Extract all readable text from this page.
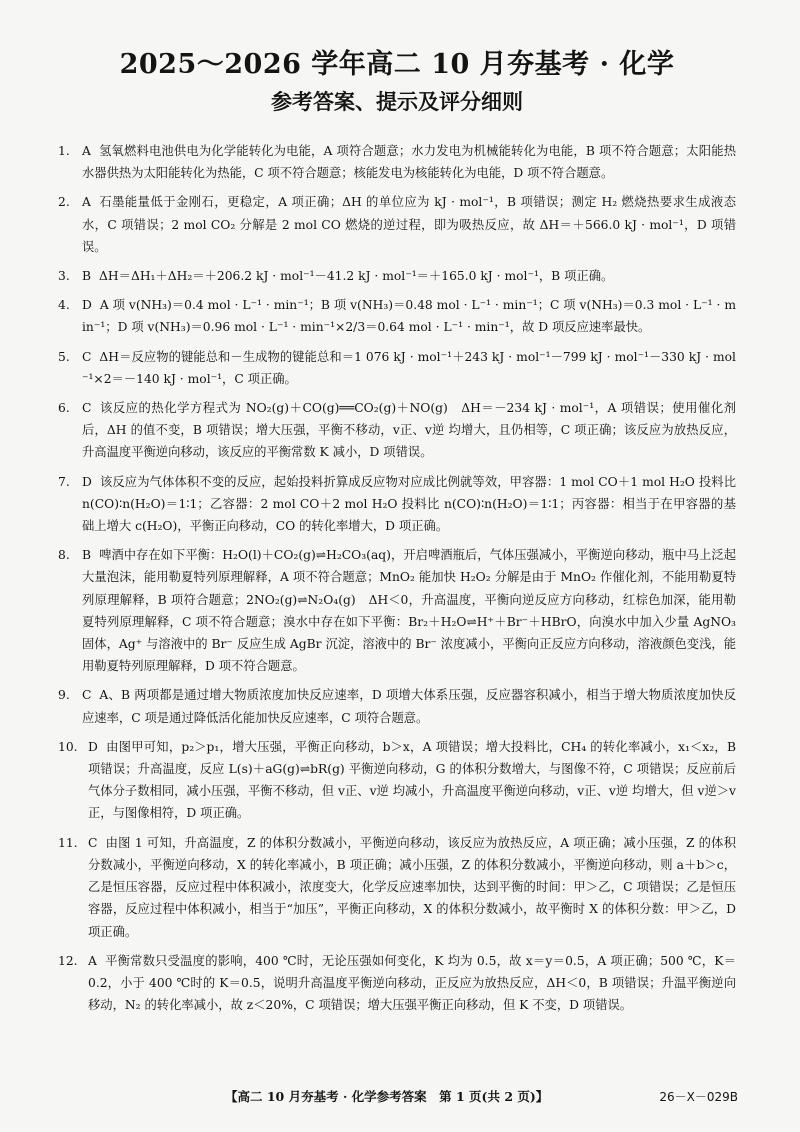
2025～2026 学年高二 10 月夯基考 · 化学
参考答案、提示及评分细则

1. A 氢氧燃料电池供电为化学能转化为电能，A 项符合题意；水力发电为机械能转化为电能，B 项不符合题意；太阳能热水器供热为太阳能转化为热能，C 项不符合题意；核能发电为核能转化为电能，D 项不符合题意。

2. A 石墨能量低于金刚石，更稳定，A 项正确；ΔH 的单位应为 kJ · mol⁻¹，B 项错误；测定 H₂ 燃烧热要求生成液态水，C 项错误；2 mol CO₂ 分解是 2 mol CO 燃烧的逆过程，即为吸热反应，故 ΔH＝＋566.0 kJ · mol⁻¹，D 项错误。

3. B ΔH＝ΔH₁＋ΔH₂＝＋206.2 kJ · mol⁻¹－41.2 kJ · mol⁻¹＝＋165.0 kJ · mol⁻¹，B 项正确。

4. D A 项 v(NH₃)＝0.4 mol · L⁻¹ · min⁻¹；B 项 v(NH₃)＝0.48 mol · L⁻¹ · min⁻¹；C 项 v(NH₃)＝0.3 mol · L⁻¹ · min⁻¹；D 项 v(NH₃)＝0.96 mol · L⁻¹ · min⁻¹×2/3＝0.64 mol · L⁻¹ · min⁻¹，故 D 项反应速率最快。

5. C ΔH＝反应物的键能总和－生成物的键能总和＝1 076 kJ · mol⁻¹＋243 kJ · mol⁻¹－799 kJ · mol⁻¹－330 kJ · mol⁻¹×2＝－140 kJ · mol⁻¹，C 项正确。

6. C 该反应的热化学方程式为 NO₂(g)＋CO(g)══CO₂(g)＋NO(g)　ΔH＝－234 kJ · mol⁻¹，A 项错误；使用催化剂后，ΔH 的值不变，B 项错误；增大压强，平衡不移动，v正、v逆 均增大，且仍相等，C 项正确；该反应为放热反应，升高温度平衡逆向移动，该反应的平衡常数 K 减小，D 项错误。

7. D 该反应为气体体积不变的反应，起始投料折算成反应物对应成比例就等效，甲容器：1 mol CO＋1 mol H₂O 投料比 n(CO)∶n(H₂O)＝1∶1；乙容器：2 mol CO＋2 mol H₂O 投料比 n(CO)∶n(H₂O)＝1∶1；丙容器：相当于在甲容器的基础上增大 c(H₂O)，平衡正向移动，CO 的转化率增大，D 项正确。

8. B 啤酒中存在如下平衡：H₂O(l)＋CO₂(g)⇌H₂CO₃(aq)，开启啤酒瓶后，气体压强减小，平衡逆向移动，瓶中马上泛起大量泡沫，能用勒夏特列原理解释，A 项不符合题意；MnO₂ 能加快 H₂O₂ 分解是由于 MnO₂ 作催化剂，不能用勒夏特列原理解释，B 项符合题意；2NO₂(g)⇌N₂O₄(g)　ΔH＜0，升高温度，平衡向逆反应方向移动，红棕色加深，能用勒夏特列原理解释，C 项不符合题意；溴水中存在如下平衡：Br₂＋H₂O⇌H⁺＋Br⁻＋HBrO，向溴水中加入少量 AgNO₃ 固体，Ag⁺ 与溶液中的 Br⁻ 反应生成 AgBr 沉淀，溶液中的 Br⁻ 浓度减小，平衡向正反应方向移动，溶液颜色变浅，能用勒夏特列原理解释，D 项不符合题意。

9. C A、B 两项都是通过增大物质浓度加快反应速率，D 项增大体系压强，反应器容积减小，相当于增大物质浓度加快反应速率，C 项是通过降低活化能加快反应速率，C 项符合题意。

10. D 由图甲可知，p₂＞p₁，增大压强，平衡正向移动，b＞x，A 项错误；增大投料比，CH₄ 的转化率减小，x₁＜x₂，B 项错误；升高温度，反应 L(s)＋aG(g)⇌bR(g) 平衡逆向移动，G 的体积分数增大，与图像不符，C 项错误；反应前后气体分子数相同，减小压强，平衡不移动，但 v正、v逆 均减小，升高温度平衡逆向移动，v正、v逆 均增大，但 v逆＞v正，与图像相符，D 项正确。

11. C 由图 1 可知，升高温度，Z 的体积分数减小，平衡逆向移动，该反应为放热反应，A 项正确；减小压强，Z 的体积分数减小，平衡逆向移动，X 的转化率减小，B 项正确；减小压强，Z 的体积分数减小，平衡逆向移动，则 a＋b＞c，乙是恒压容器，反应过程中体积减小，浓度变大，化学反应速率加快，达到平衡的时间：甲＞乙，C 项错误；乙是恒压容器，反应过程中体积减小，相当于“加压”，平衡正向移动，X 的体积分数减小，故平衡时 X 的体积分数：甲＞乙，D 项正确。

12. A 平衡常数只受温度的影响，400 ℃时，无论压强如何变化，K 均为 0.5，故 x＝y＝0.5，A 项正确；500 ℃，K＝0.2，小于 400 ℃时的 K＝0.5，说明升高温度平衡逆向移动，正反应为放热反应，ΔH＜0，B 项错误；升温平衡逆向移动，N₂ 的转化率减小，故 z＜20%，C 项错误；增大压强平衡正向移动，但 K 不变，D 项错误。

【高二 10 月夯基考 · 化学参考答案　第 1 页(共 2 页)】	26－X－029B
